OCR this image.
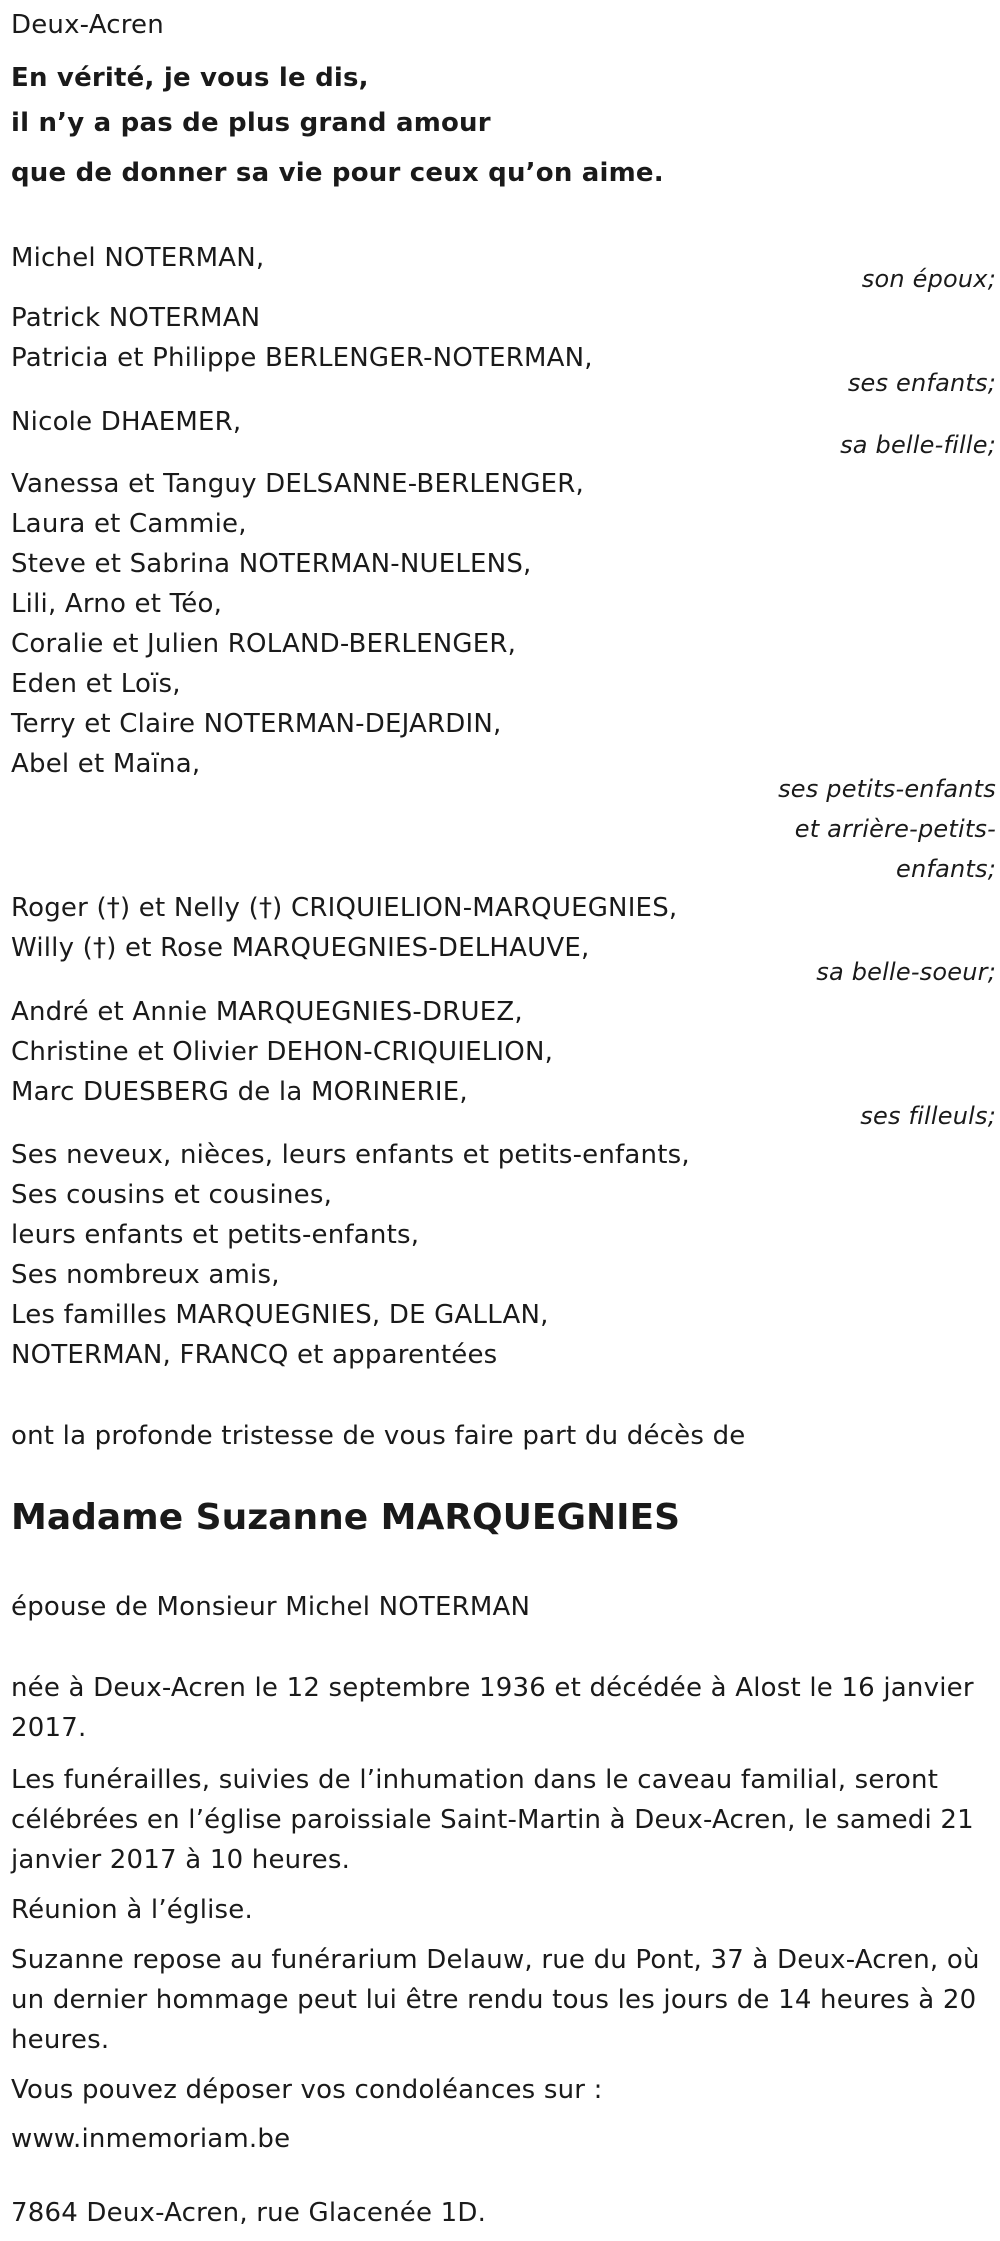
Deux-Acren
En vérité, je vous le dis,
il n’y a pas de plus grand amour
que de donner sa vie pour ceux qu’on aime.
Michel NOTERMAN,
son époux;
Patrick NOTERMAN
Patricia et Philippe BERLENGER-NOTERMAN,
ses enfants;
Nicole DHAEMER,
sa belle-fille;
Vanessa et Tanguy DELSANNE-BERLENGER,
Laura et Cammie,
Steve et Sabrina NOTERMAN-NUELENS,
Lili, Arno et Téo,
Coralie et Julien ROLAND-BERLENGER,
Eden et Loïs,
Terry et Claire NOTERMAN-DEJARDIN,
Abel et Maïna,
ses petits-enfants
et arrière-petits-
enfants;
Roger (†) et Nelly (†) CRIQUIELION-MARQUEGNIES,
Willy (†) et Rose MARQUEGNIES-DELHAUVE,
sa belle-soeur;
André et Annie MARQUEGNIES-DRUEZ,
Christine et Olivier DEHON-CRIQUIELION,
Marc DUESBERG de la MORINERIE,
ses filleuls;
Ses neveux, nièces, leurs enfants et petits-enfants,
Ses cousins et cousines,
leurs enfants et petits-enfants,
Ses nombreux amis,
Les familles MARQUEGNIES, DE GALLAN,
NOTERMAN, FRANCQ et apparentées
ont la profonde tristesse de vous faire part du décès de
Madame Suzanne MARQUEGNIES
épouse de Monsieur Michel NOTERMAN
née à Deux-Acren le 12 septembre 1936 et décédée à Alost le 16 janvier
2017.
Les funérailles, suivies de l’inhumation dans le caveau familial, seront
célébrées en l’église paroissiale Saint-Martin à Deux-Acren, le samedi 21
janvier 2017 à 10 heures.
Réunion à l’église.
Suzanne repose au funérarium Delauw, rue du Pont, 37 à Deux-Acren, où
un dernier hommage peut lui être rendu tous les jours de 14 heures à 20
heures.
Vous pouvez déposer vos condoléances sur :
www.inmemoriam.be
7864 Deux-Acren, rue Glacenée 1D.
